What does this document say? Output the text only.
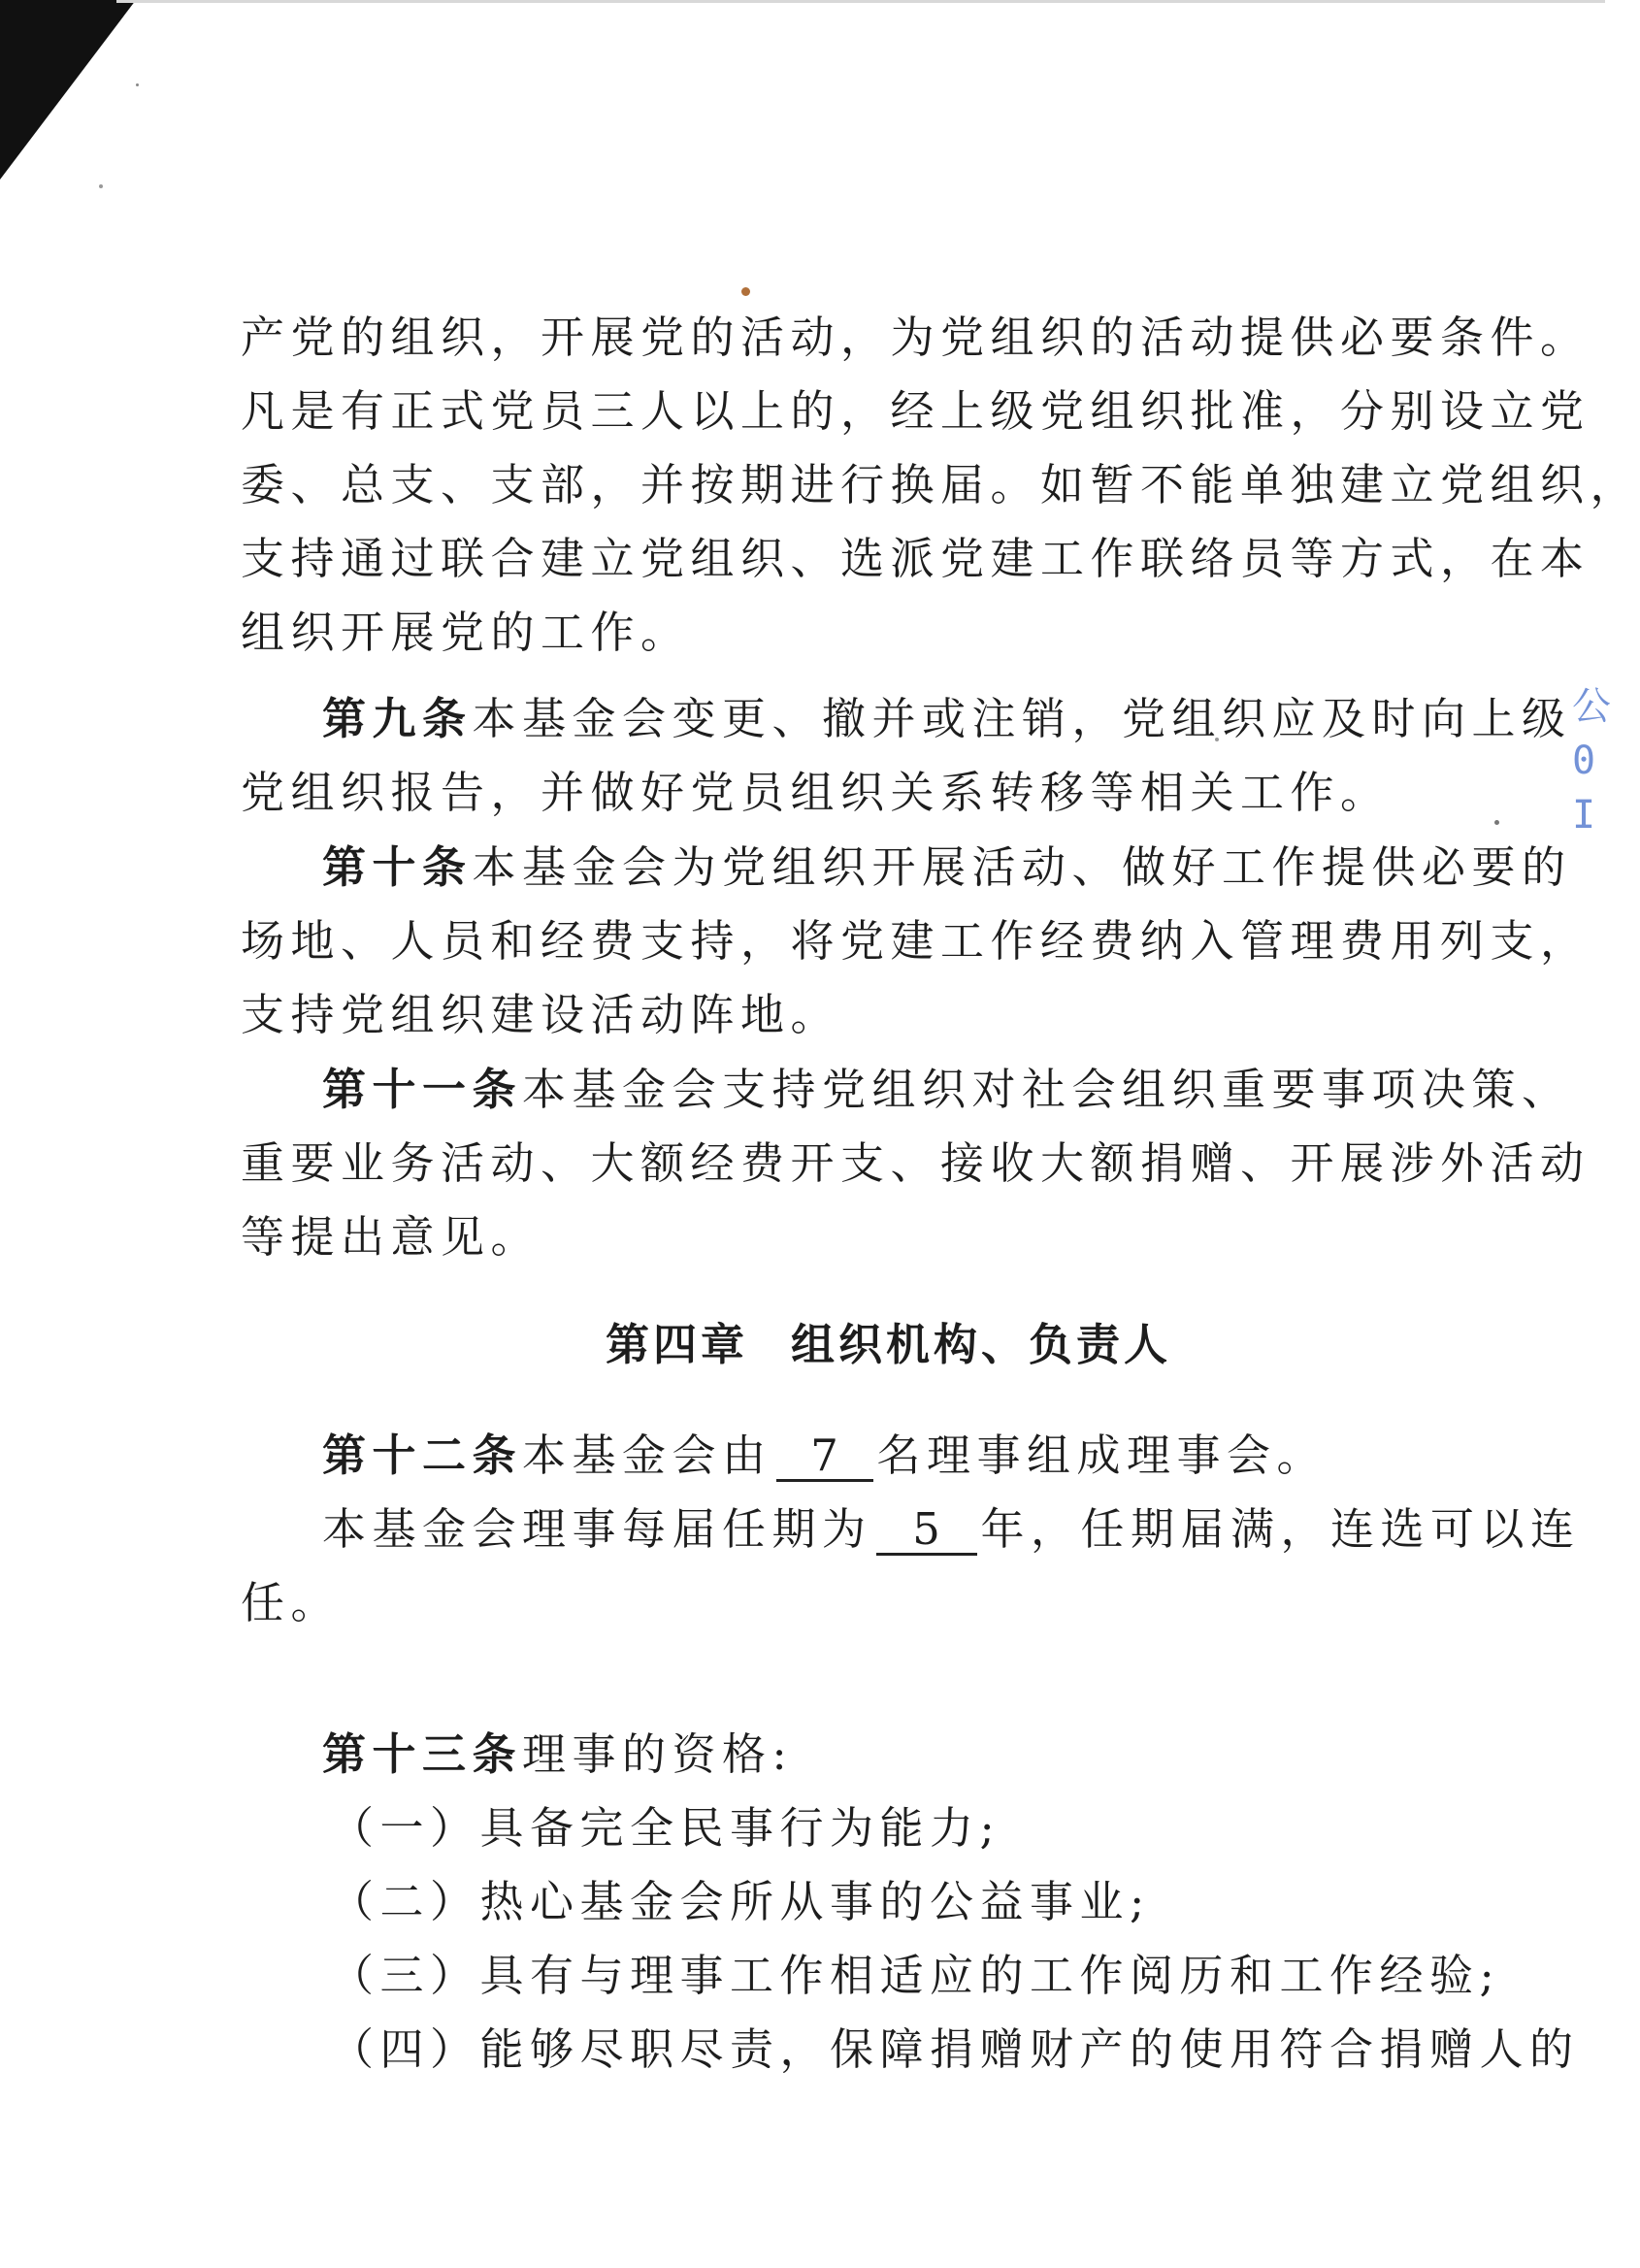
公 0 I
产党的组织，开展党的活动，为党组织的活动提供必要条件。
凡是有正式党员三人以上的，经上级党组织批准，分别设立党
委、总支、支部，并按期进行换届。如暂不能单独建立党组织，
支持通过联合建立党组织、选派党建工作联络员等方式，在本
组织开展党的工作。
第九条本基金会变更、撤并或注销，党组织应及时向上级
党组织报告，并做好党员组织关系转移等相关工作。
第十条本基金会为党组织开展活动、做好工作提供必要的
场地、人员和经费支持，将党建工作经费纳入管理费用列支，
支持党组织建设活动阵地。
第十一条本基金会支持党组织对社会组织重要事项决策、
重要业务活动、大额经费开支、接收大额捐赠、开展涉外活动
等提出意见。
第四章 组织机构、负责人
第十二条本基金会由 7 名理事组成理事会。
本基金会理事每届任期为 5 年，任期届满，连选可以连
任。
第十三条理事的资格:
（一）具备完全民事行为能力;
（二）热心基金会所从事的公益事业;
（三）具有与理事工作相适应的工作阅历和工作经验;
（四）能够尽职尽责，保障捐赠财产的使用符合捐赠人的
